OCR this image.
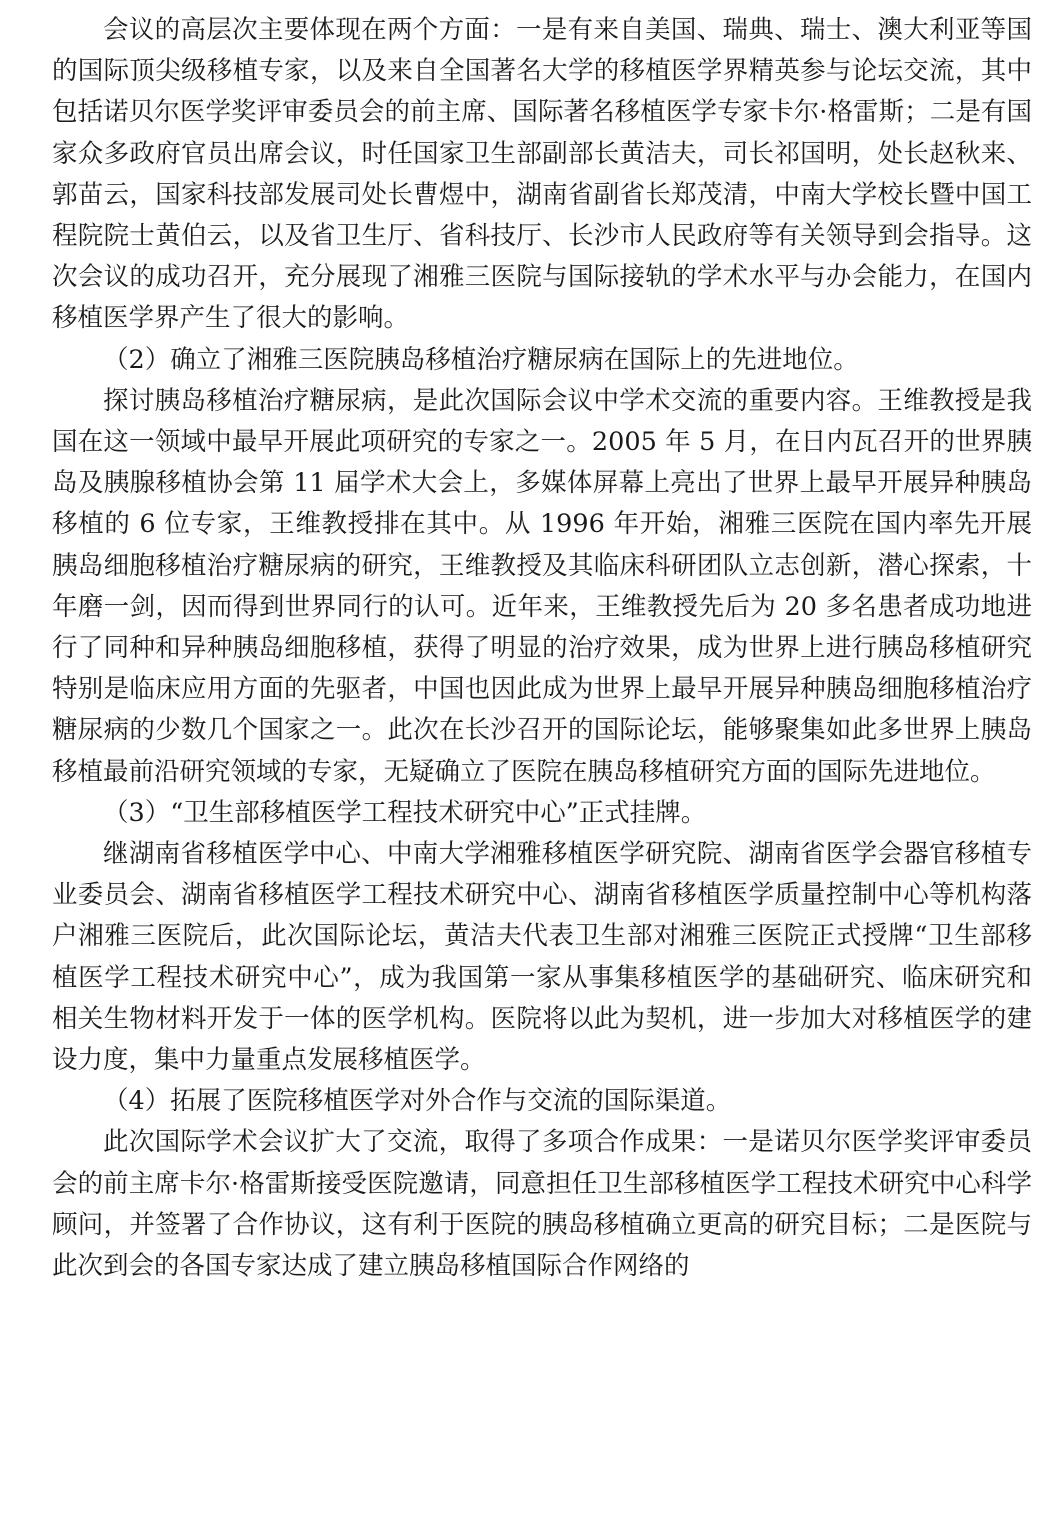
会议的高层次主要体现在两个方面：一是有来自美国、瑞典、瑞士、澳大利亚等国的国际顶尖级移植专家，以及来自全国著名大学的移植医学界精英参与论坛交流，其中包括诺贝尔医学奖评审委员会的前主席、国际著名移植医学专家卡尔·格雷斯；二是有国家众多政府官员出席会议，时任国家卫生部副部长黄洁夫，司长祁国明，处长赵秋来、郭苗云，国家科技部发展司处长曹煜中，湖南省副省长郑茂清，中南大学校长暨中国工程院院士黄伯云，以及省卫生厅、省科技厅、长沙市人民政府等有关领导到会指导。这次会议的成功召开，充分展现了湘雅三医院与国际接轨的学术水平与办会能力，在国内移植医学界产生了很大的影响。

（2）确立了湘雅三医院胰岛移植治疗糖尿病在国际上的先进地位。

探讨胰岛移植治疗糖尿病，是此次国际会议中学术交流的重要内容。王维教授是我国在这一领域中最早开展此项研究的专家之一。2005 年 5 月，在日内瓦召开的世界胰岛及胰腺移植协会第 11 届学术大会上，多媒体屏幕上亮出了世界上最早开展异种胰岛移植的 6 位专家，王维教授排在其中。从 1996 年开始，湘雅三医院在国内率先开展胰岛细胞移植治疗糖尿病的研究，王维教授及其临床科研团队立志创新，潜心探索，十年磨一剑，因而得到世界同行的认可。近年来，王维教授先后为 20 多名患者成功地进行了同种和异种胰岛细胞移植，获得了明显的治疗效果，成为世界上进行胰岛移植研究特别是临床应用方面的先驱者，中国也因此成为世界上最早开展异种胰岛细胞移植治疗糖尿病的少数几个国家之一。此次在长沙召开的国际论坛，能够聚集如此多世界上胰岛移植最前沿研究领域的专家，无疑确立了医院在胰岛移植研究方面的国际先进地位。

（3）“卫生部移植医学工程技术研究中心”正式挂牌。

继湖南省移植医学中心、中南大学湘雅移植医学研究院、湖南省医学会器官移植专业委员会、湖南省移植医学工程技术研究中心、湖南省移植医学质量控制中心等机构落户湘雅三医院后，此次国际论坛，黄洁夫代表卫生部对湘雅三医院正式授牌“卫生部移植医学工程技术研究中心”，成为我国第一家从事集移植医学的基础研究、临床研究和相关生物材料开发于一体的医学机构。医院将以此为契机，进一步加大对移植医学的建设力度，集中力量重点发展移植医学。

（4）拓展了医院移植医学对外合作与交流的国际渠道。

此次国际学术会议扩大了交流，取得了多项合作成果：一是诺贝尔医学奖评审委员会的前主席卡尔·格雷斯接受医院邀请，同意担任卫生部移植医学工程技术研究中心科学顾问，并签署了合作协议，这有利于医院的胰岛移植确立更高的研究目标；二是医院与此次到会的各国专家达成了建立胰岛移植国际合作网络的
